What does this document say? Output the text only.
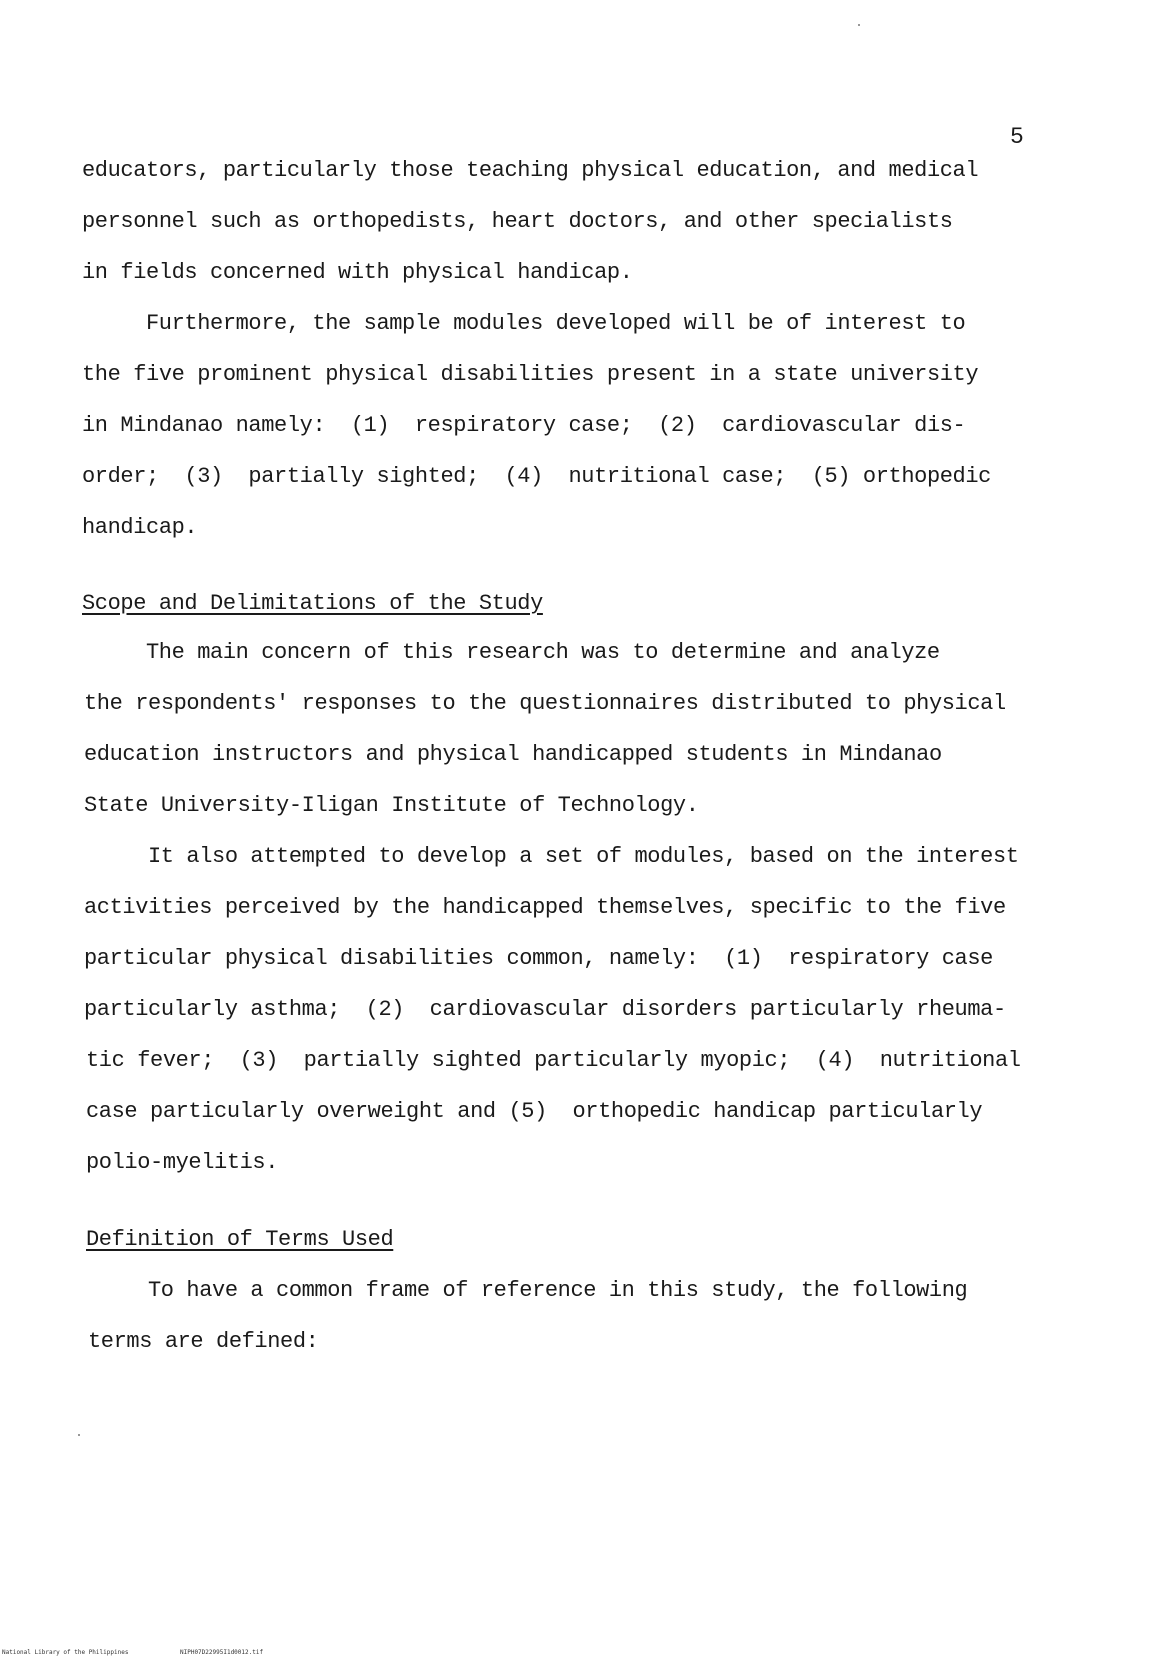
5
educators, particularly those teaching physical education, and medical
personnel such as orthopedists, heart doctors, and other specialists
in fields concerned with physical handicap.
Furthermore, the sample modules developed will be of interest to
the five prominent physical disabilities present in a state university
in Mindanao namely:  (1)  respiratory case;  (2)  cardiovascular dis-
order;  (3)  partially sighted;  (4)  nutritional case;  (5) orthopedic
handicap.
Scope and Delimitations of the Study
The main concern of this research was to determine and analyze
the respondents' responses to the questionnaires distributed to physical
education instructors and physical handicapped students in Mindanao
State University-Iligan Institute of Technology.
It also attempted to develop a set of modules, based on the interest
activities perceived by the handicapped themselves, specific to the five
particular physical disabilities common, namely:  (1)  respiratory case
particularly asthma;  (2)  cardiovascular disorders particularly rheuma-
tic fever;  (3)  partially sighted particularly myopic;  (4)  nutritional
case particularly overweight and (5)  orthopedic handicap particularly
polio-myelitis.
Definition of Terms Used
To have a common frame of reference in this study, the following
terms are defined:
National Library of the Philippines	NIPH07D22995I1d0012.tif
